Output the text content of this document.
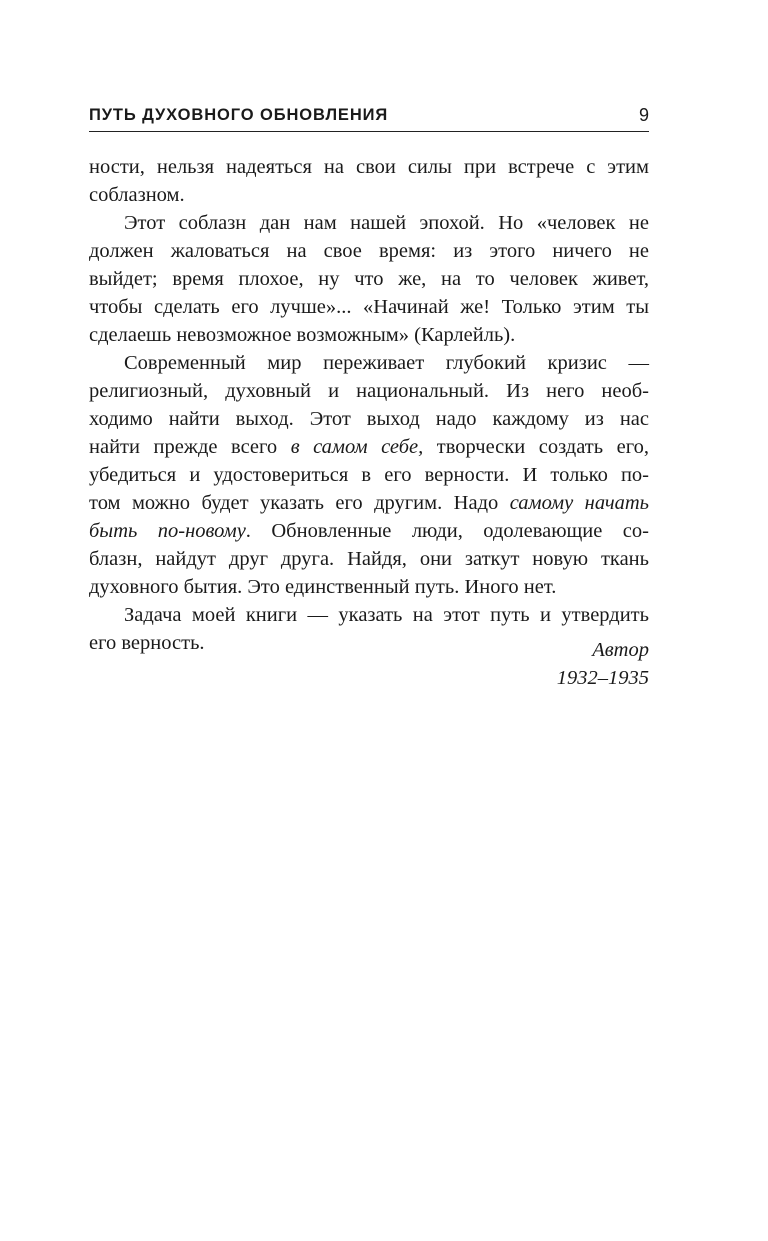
ПУТЬ ДУХОВНОГО ОБНОВЛЕНИЯ	9
ности, нельзя надеяться на свои силы при встрече с этим
соблазном.
Этот соблазн дан нам нашей эпохой. Но «человек не
должен жаловаться на свое время: из этого ничего не
выйдет; время плохое, ну что же, на то человек живет,
чтобы сделать его лучше»... «Начинай же! Только этим ты
сделаешь невозможное возможным» (Карлейль).
Современный мир переживает глубокий кризис —
религиозный, духовный и национальный. Из него необ-
ходимо найти выход. Этот выход надо каждому из нас
найти прежде всего в самом себе, творчески создать его,
убедиться и удостовериться в его верности. И только по-
том можно будет указать его другим. Надо самому начать
быть по-новому. Обновленные люди, одолевающие со-
блазн, найдут друг друга. Найдя, они заткут новую ткань
духовного бытия. Это единственный путь. Иного нет.
Задача моей книги — указать на этот путь и утвердить
его верность.	Автор
1932–1935
